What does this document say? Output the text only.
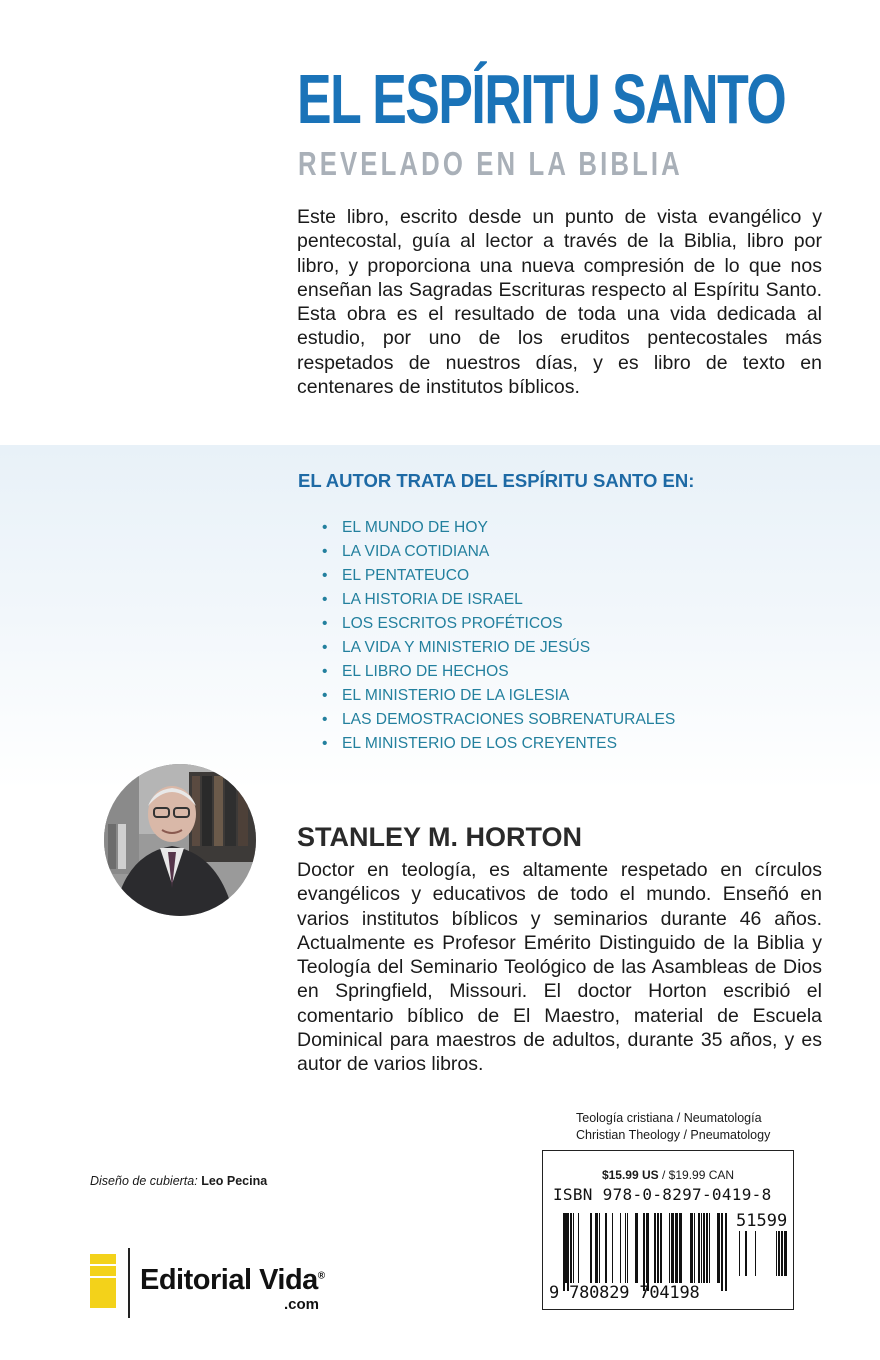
EL ESPÍRITU SANTO
REVELADO EN LA BIBLIA
Este libro, escrito desde un punto de vista evangélico y pentecostal, guía al lector a través de la Biblia, libro por libro, y proporciona una nueva compresión de lo que nos enseñan las Sagradas Escrituras respecto al Espíritu Santo. Esta obra es el resultado de toda una vida dedicada al estudio, por uno de los eruditos pentecostales más respetados de nuestros días, y es libro de texto en centenares de institutos bíblicos.
EL AUTOR TRATA DEL ESPÍRITU SANTO EN:
• EL MUNDO DE HOY
• LA VIDA COTIDIANA
• EL PENTATEUCO
• LA HISTORIA DE ISRAEL
• LOS ESCRITOS PROFÉTICOS
• LA VIDA Y MINISTERIO DE JESÚS
• EL LIBRO DE HECHOS
• EL MINISTERIO DE LA IGLESIA
• LAS DEMOSTRACIONES SOBRENATURALES
• EL MINISTERIO DE LOS CREYENTES
STANLEY M. HORTON
Doctor en teología, es altamente respetado en círculos evangélicos y educativos de todo el mundo. Enseñó en varios institutos bíblicos y seminarios durante 46 años. Actualmente es Profesor Emérito Distinguido de la Biblia y Teología del Seminario Teológico de las Asambleas de Dios en Springfield, Missouri. El doctor Horton escribió el comentario bíblico de El Maestro, material de Escuela Dominical para maestros de adultos, durante 35 años, y es autor de varios libros.
Teología cristiana / Neumatología
Christian Theology / Pneumatology
Diseño de cubierta: Leo Pecina	$15.99 US / $19.99 CAN
ISBN 978-0-8297-0419-8
51599
9 780829 704198
Editorial Vida®
.com
